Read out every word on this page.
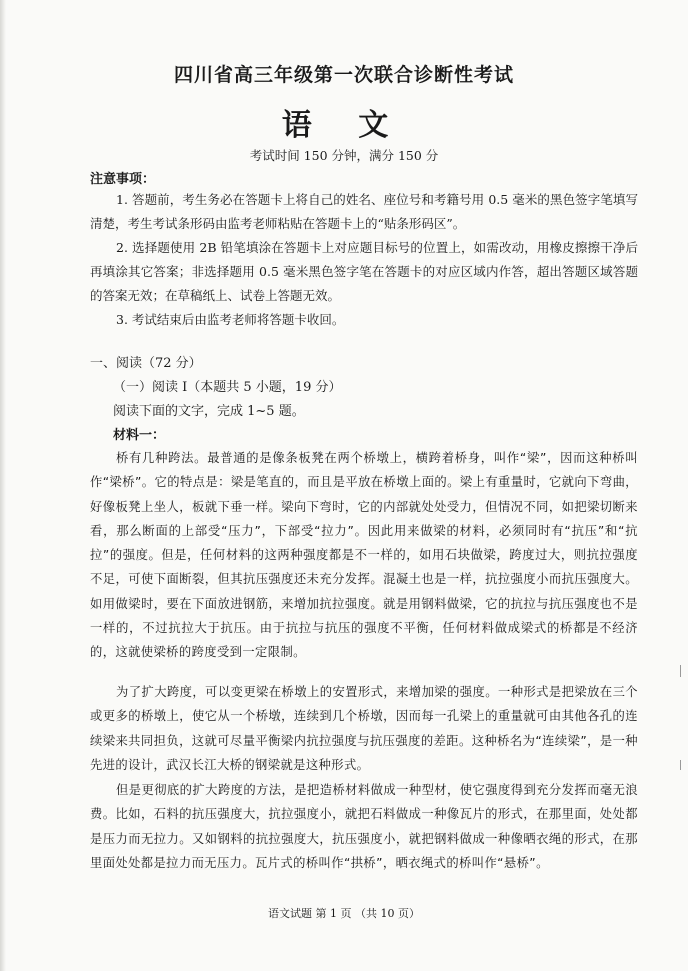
四川省高三年级第一次联合诊断性考试
语 文
考试时间 150 分钟，满分 150 分
注意事项：
1. 答题前，考生务必在答题卡上将自己的姓名、座位号和考籍号用 0.5 毫米的黑色签字笔填写清楚，考生考试条形码由监考老师粘贴在答题卡上的“贴条形码区”。
2. 选择题使用 2B 铅笔填涂在答题卡上对应题目标号的位置上，如需改动，用橡皮擦擦干净后再填涂其它答案；非选择题用 0.5 毫米黑色签字笔在答题卡的对应区域内作答，超出答题区域答题的答案无效；在草稿纸上、试卷上答题无效。
3. 考试结束后由监考老师将答题卡收回。
一、阅读（72 分）
（一）阅读 I（本题共 5 小题，19 分）
阅读下面的文字，完成 1~5 题。
材料一：
桥有几种跨法。最普通的是像条板凳在两个桥墩上，横跨着桥身，叫作“梁”，因而这种桥叫作“梁桥”。它的特点是：梁是笔直的，而且是平放在桥墩上面的。梁上有重量时，它就向下弯曲，好像板凳上坐人，板就下垂一样。梁向下弯时，它的内部就处处受力，但情况不同，如把梁切断来看，那么断面的上部受“压力”，下部受“拉力”。因此用来做梁的材料，必须同时有“抗压”和“抗拉”的强度。但是，任何材料的这两种强度都是不一样的，如用石块做梁，跨度过大，则抗拉强度不足，可使下面断裂，但其抗压强度还未充分发挥。混凝土也是一样，抗拉强度小而抗压强度大。如用做梁时，要在下面放进钢筋，来增加抗拉强度。就是用钢料做梁，它的抗拉与抗压强度也不是一样的，不过抗拉大于抗压。由于抗拉与抗压的强度不平衡，任何材料做成梁式的桥都是不经济的，这就使梁桥的跨度受到一定限制。
为了扩大跨度，可以变更梁在桥墩上的安置形式，来增加梁的强度。一种形式是把梁放在三个或更多的桥墩上，使它从一个桥墩，连续到几个桥墩，因而每一孔梁上的重量就可由其他各孔的连续梁来共同担负，这就可尽量平衡梁内抗拉强度与抗压强度的差距。这种桥名为“连续梁”，是一种先进的设计，武汉长江大桥的钢梁就是这种形式。
但是更彻底的扩大跨度的方法，是把造桥材料做成一种型材，使它强度得到充分发挥而毫无浪费。比如，石料的抗压强度大，抗拉强度小，就把石料做成一种像瓦片的形式，在那里面，处处都是压力而无拉力。又如钢料的抗拉强度大，抗压强度小，就把钢料做成一种像晒衣绳的形式，在那里面处处都是拉力而无压力。瓦片式的桥叫作“拱桥”，晒衣绳式的桥叫作“悬桥”。
语文试题 第 1 页 （共 10 页）
